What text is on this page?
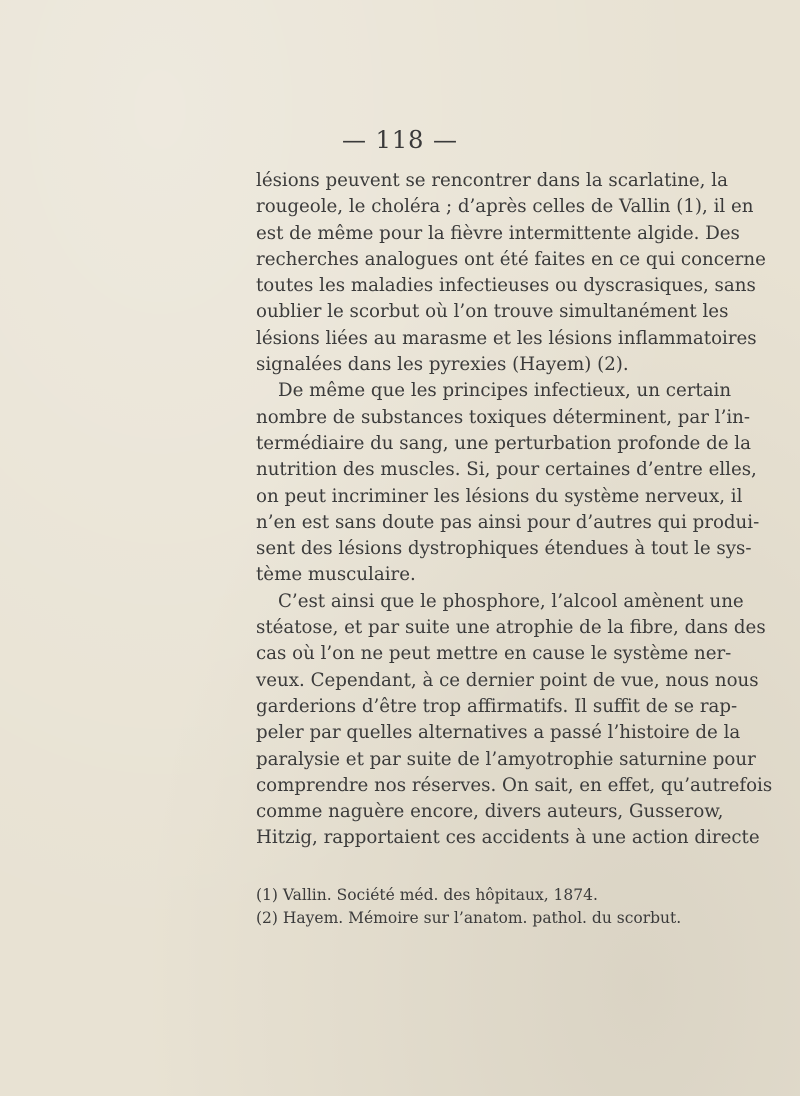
— 118 —
lésions peuvent se rencontrer dans la scarlatine, la
rougeole, le choléra ; d’après celles de Vallin (1), il en
est de même pour la fièvre intermittente algide. Des
recherches analogues ont été faites en ce qui concerne
toutes les maladies infectieuses ou dyscrasiques, sans
oublier le scorbut où l’on trouve simultanément les
lésions liées au marasme et les lésions inflammatoires
signalées dans les pyrexies (Hayem) (2).
De même que les principes infectieux, un certain
nombre de substances toxiques déterminent, par l’in-
termédiaire du sang, une perturbation profonde de la
nutrition des muscles. Si, pour certaines d’entre elles,
on peut incriminer les lésions du système nerveux, il
n’en est sans doute pas ainsi pour d’autres qui produi-
sent des lésions dystrophiques étendues à tout le sys-
tème musculaire.
C’est ainsi que le phosphore, l’alcool amènent une
stéatose, et par suite une atrophie de la fibre, dans des
cas où l’on ne peut mettre en cause le système ner-
veux. Cependant, à ce dernier point de vue, nous nous
garderions d’être trop affirmatifs. Il suffit de se rap-
peler par quelles alternatives a passé l’histoire de la
paralysie et par suite de l’amyotrophie saturnine pour
comprendre nos réserves. On sait, en effet, qu’autrefois
comme naguère encore, divers auteurs, Gusserow,
Hitzig, rapportaient ces accidents à une action directe
(1) Vallin. Société méd. des hôpitaux, 1874.
(2) Hayem. Mémoire sur l’anatom. pathol. du scorbut.
